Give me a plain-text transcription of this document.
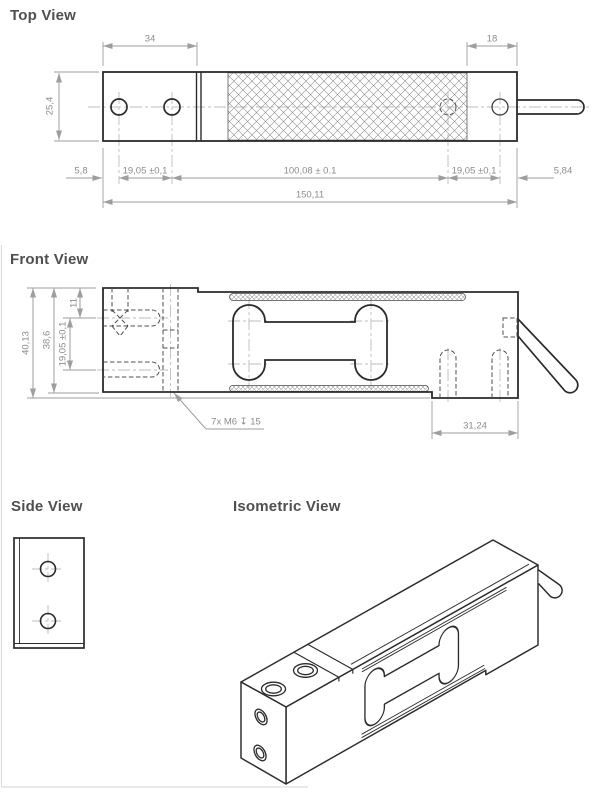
Top View
Front View
Side View	Isometric View
34	18
25,4
5,8	19,05 ±0,1	100,08 ± 0.1	19,05 ±0,1	5,84
150,11
40,13 38,6 19,05 ±0,1
11
31,24
7x M6 ↧ 15
